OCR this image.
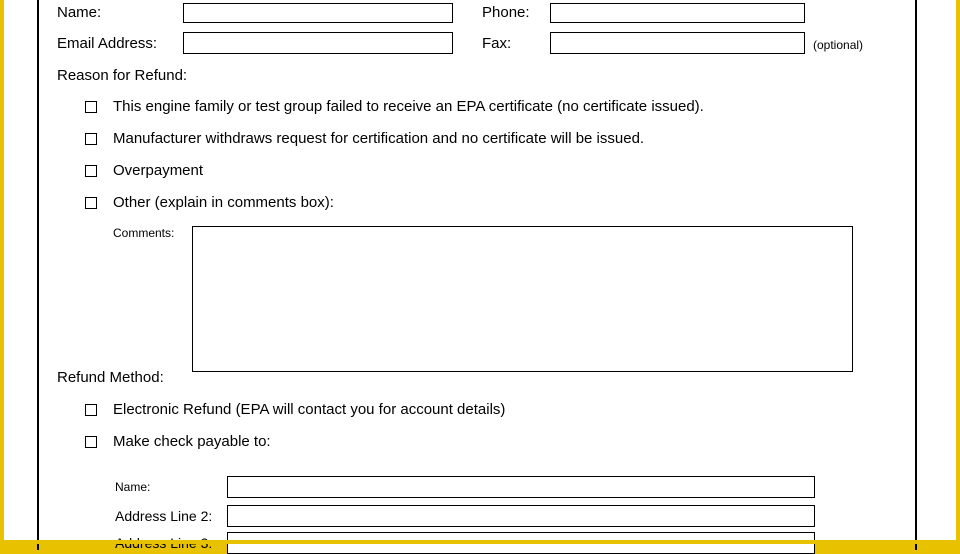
Name:	Phone:
Email Address:	Fax:	(optional)
Reason for Refund:
This engine family or test group failed to receive an EPA certificate (no certificate issued).
Manufacturer withdraws request for certification and no certificate will be issued.
Overpayment
Other (explain in comments box):
Comments:
Refund Method:
Electronic Refund (EPA will contact you for account details)
Make check payable to:
Name:
Address Line 2:
